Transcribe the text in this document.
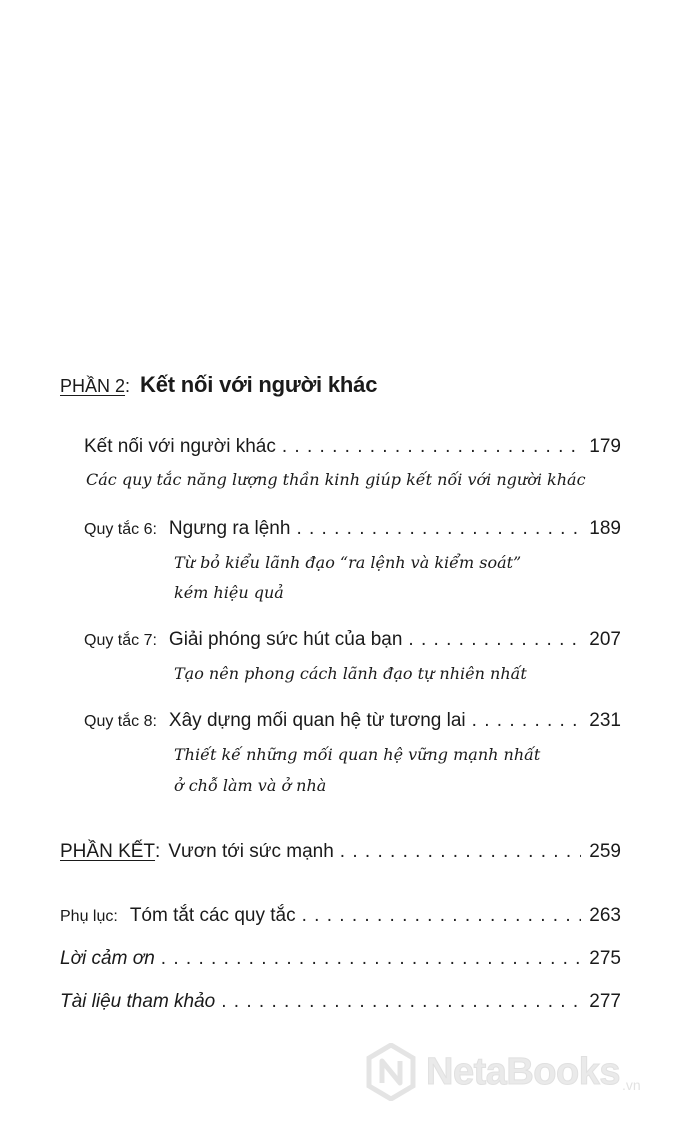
PHẦN 2 : Kết nối với người khác
Kết nối với người khác . . .	179
Các quy tắc năng lượng thần kinh giúp kết nối với người khác
Quy tắc 6: Ngưng ra lệnh . . .	189
Từ bỏ kiểu lãnh đạo “ra lệnh và kiểm soát”
kém hiệu quả
Quy tắc 7: Giải phóng sức hút của bạn . . .	207
Tạo nên phong cách lãnh đạo tự nhiên nhất
Quy tắc 8: Xây dựng mối quan hệ từ tương lai . . .	231
Thiết kế những mối quan hệ vững mạnh nhất
ở chỗ làm và ở nhà
PHẦN KẾT : Vươn tới sức mạnh . . .	259
Phụ lục: Tóm tắt các quy tắc . . .	263
Lời cảm ơn . . .	275
Tài liệu tham khảo . . .	277
NetaBooks .vn
